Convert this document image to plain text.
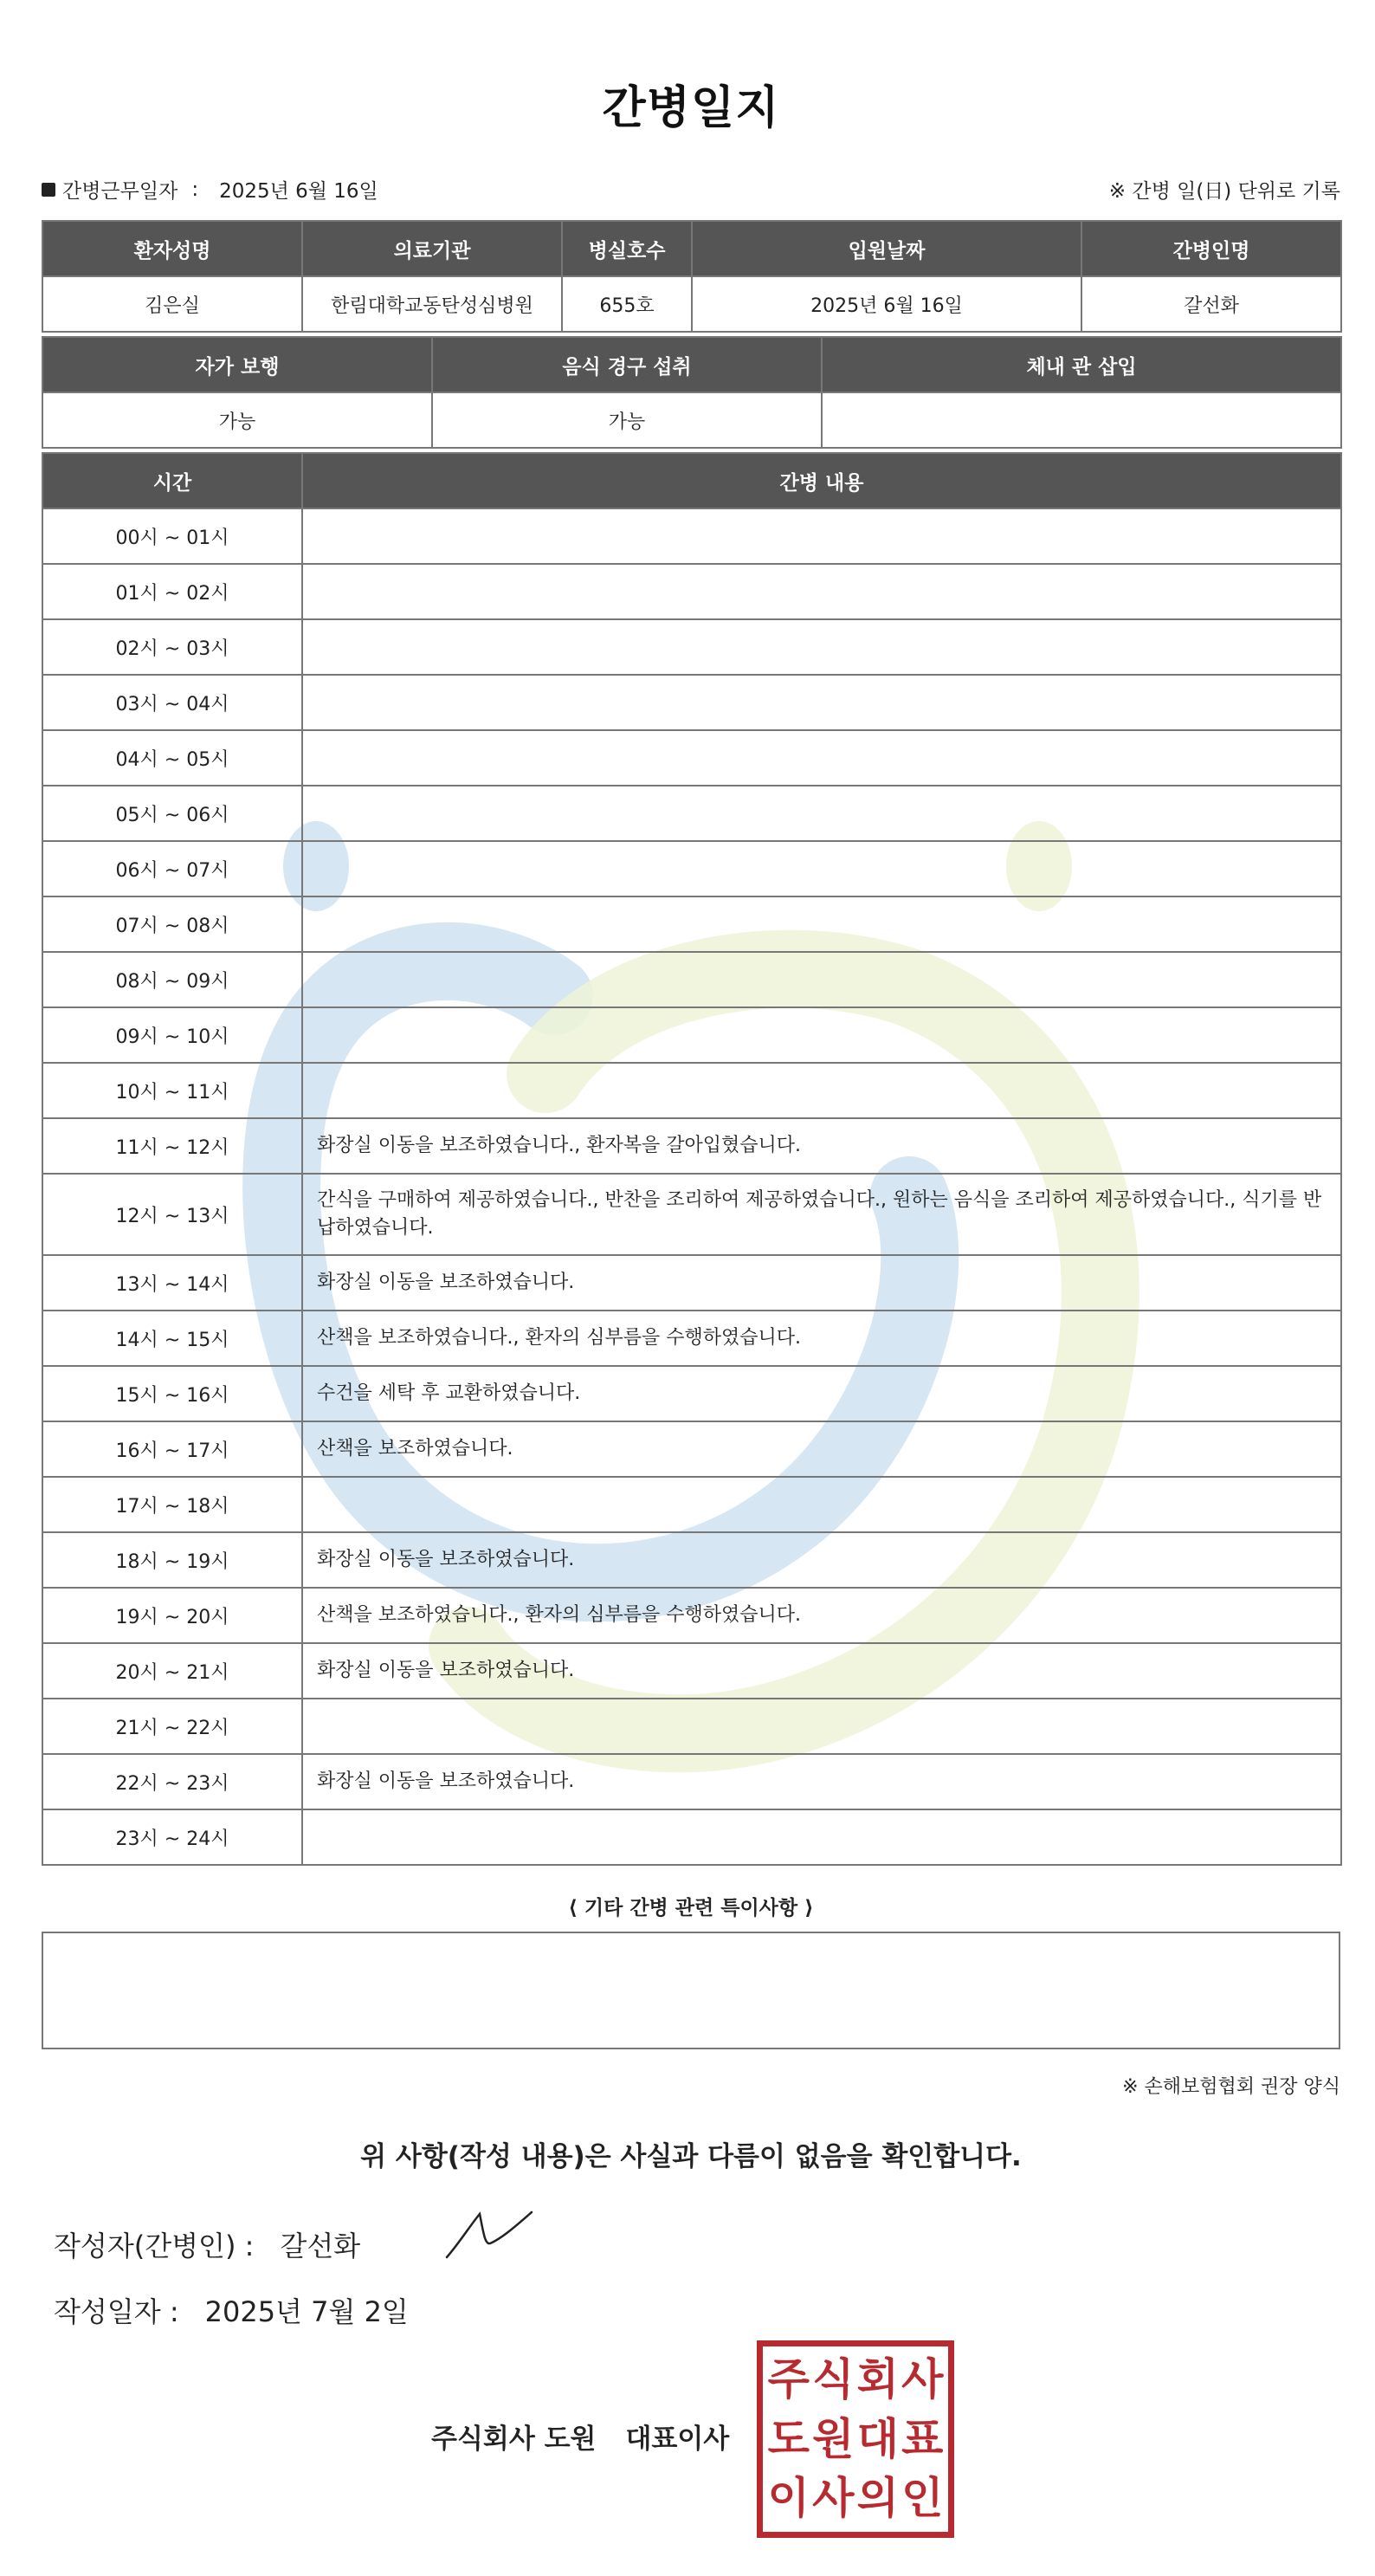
간병일지
간병근무일자 : 2025년 6월 16일	※ 간병 일(日) 단위로 기록
환자성명	의료기관	병실호수	입원날짜	간병인명
김은실	한림대학교동탄성심병원	655호	2025년 6월 16일	갈선화
자가 보행	음식 경구 섭취	체내 관 삽입
가능	가능	
시간	간병 내용
00시 ~ 01시	
01시 ~ 02시	
02시 ~ 03시	
03시 ~ 04시	
04시 ~ 05시	
05시 ~ 06시	
06시 ~ 07시	
07시 ~ 08시	
08시 ~ 09시	
09시 ~ 10시	
10시 ~ 11시	
11시 ~ 12시	화장실 이동을 보조하였습니다., 환자복을 갈아입혔습니다.
12시 ~ 13시	간식을 구매하여 제공하였습니다., 반찬을 조리하여 제공하였습니다., 원하는 음식을 조리하여 제공하였습니다., 식기를 반납하였습니다.
13시 ~ 14시	화장실 이동을 보조하였습니다.
14시 ~ 15시	산책을 보조하였습니다., 환자의 심부름을 수행하였습니다.
15시 ~ 16시	수건을 세탁 후 교환하였습니다.
16시 ~ 17시	산책을 보조하였습니다.
17시 ~ 18시	
18시 ~ 19시	화장실 이동을 보조하였습니다.
19시 ~ 20시	산책을 보조하였습니다., 환자의 심부름을 수행하였습니다.
20시 ~ 21시	화장실 이동을 보조하였습니다.
21시 ~ 22시	
22시 ~ 23시	화장실 이동을 보조하였습니다.
23시 ~ 24시	
⟨ 기타 간병 관련 특이사항 ⟩
※ 손해보험협회 권장 양식
위 사항(작성 내용)은 사실과 다름이 없음을 확인합니다.
작성자(간병인) : 갈선화
작성일자 : 2025년 7월 2일
주식회사 도원 대표이사
주 식 회 사
도 원 대 표
이 사 의 인
